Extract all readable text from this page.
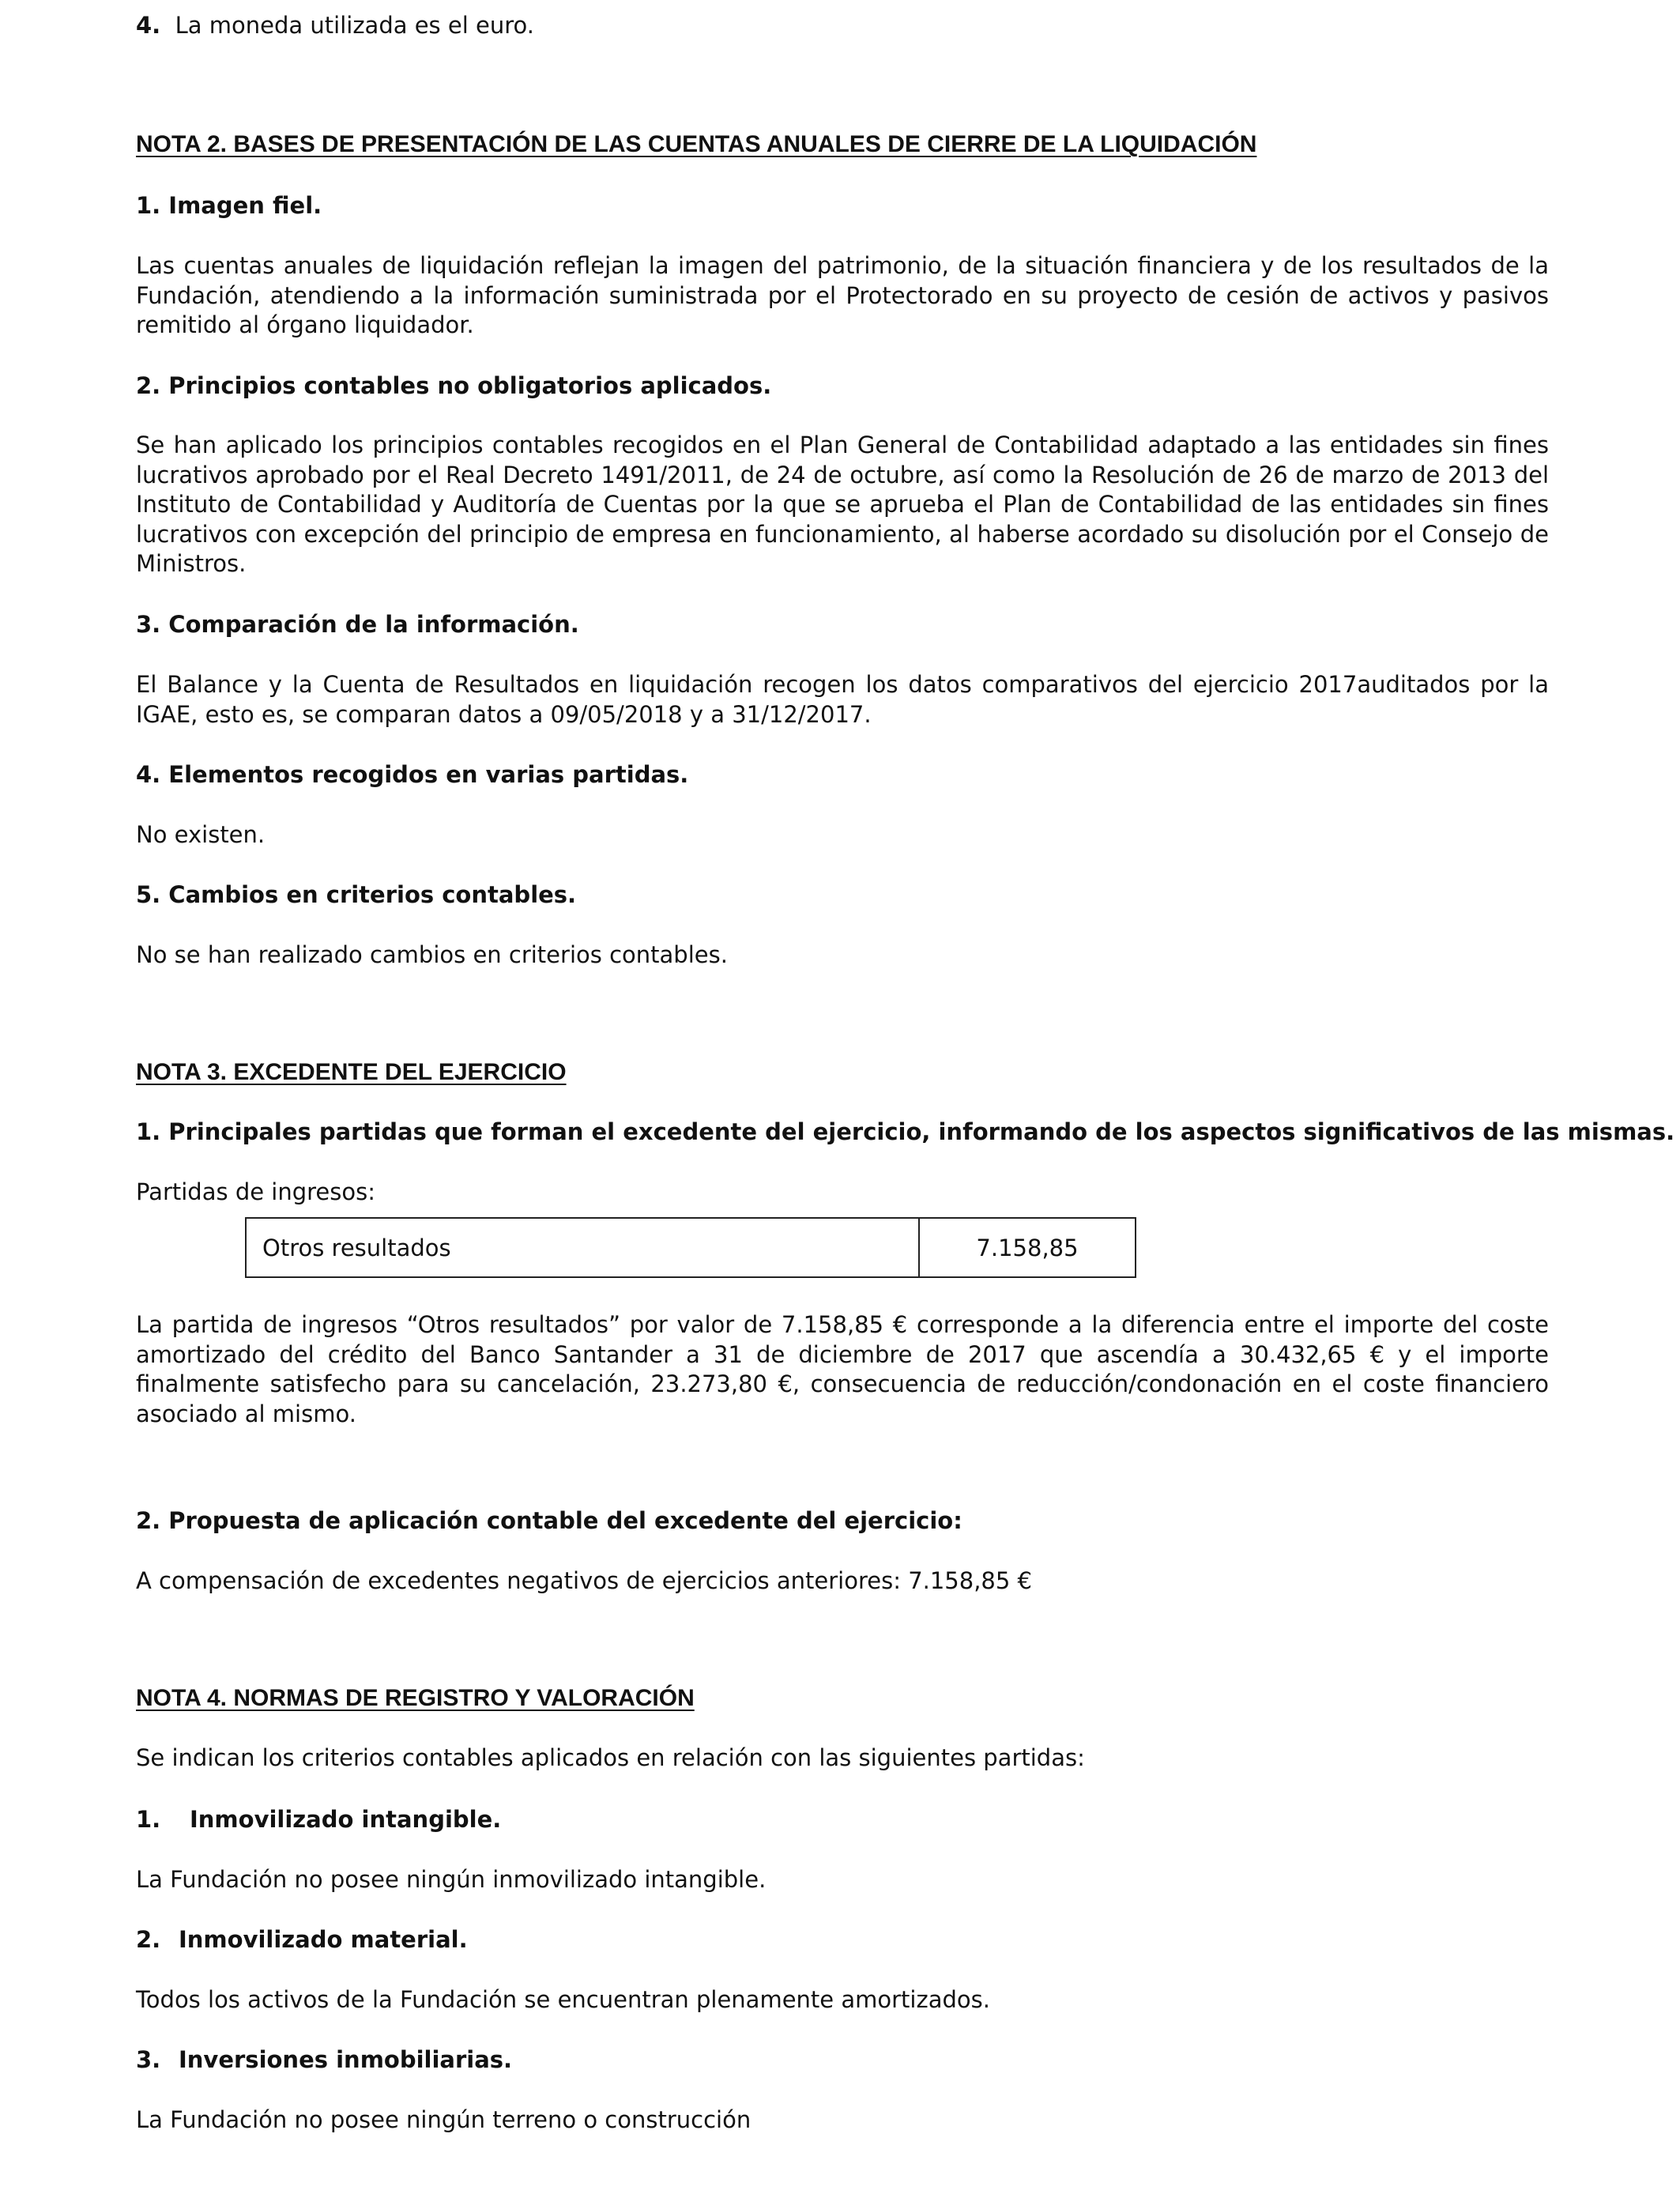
4. La moneda utilizada es el euro.

NOTA 2. BASES DE PRESENTACIÓN DE LAS CUENTAS ANUALES DE CIERRE DE LA LIQUIDACIÓN

1. Imagen fiel.

Las cuentas anuales de liquidación reflejan la imagen del patrimonio, de la situación financiera y de los resultados de la Fundación, atendiendo a la información suministrada por el Protectorado en su proyecto de cesión de activos y pasivos remitido al órgano liquidador.

2. Principios contables no obligatorios aplicados.

Se han aplicado los principios contables recogidos en el Plan General de Contabilidad adaptado a las entidades sin fines lucrativos aprobado por el Real Decreto 1491/2011, de 24 de octubre, así como la Resolución de 26 de marzo de 2013 del Instituto de Contabilidad y Auditoría de Cuentas por la que se aprueba el Plan de Contabilidad de las entidades sin fines lucrativos con excepción del principio de empresa en funcionamiento, al haberse acordado su disolución por el Consejo de Ministros.

3. Comparación de la información.

El Balance y la Cuenta de Resultados en liquidación recogen los datos comparativos del ejercicio 2017auditados por la IGAE, esto es, se comparan datos a 09/05/2018 y a 31/12/2017.

4. Elementos recogidos en varias partidas.

No existen.

5. Cambios en criterios contables.

No se han realizado cambios en criterios contables.

NOTA 3. EXCEDENTE DEL EJERCICIO

1. Principales partidas que forman el excedente del ejercicio, informando de los aspectos significativos de las mismas.

Partidas de ingresos:

Otros resultados	7.158,85

La partida de ingresos “Otros resultados” por valor de 7.158,85 € corresponde a la diferencia entre el importe del coste amortizado del crédito del Banco Santander a 31 de diciembre de 2017 que ascendía a 30.432,65 € y el importe finalmente satisfecho para su cancelación, 23.273,80 €, consecuencia de reducción/condonación en el coste financiero asociado al mismo.

2. Propuesta de aplicación contable del excedente del ejercicio:

A compensación de excedentes negativos de ejercicios anteriores: 7.158,85 €

NOTA 4. NORMAS DE REGISTRO Y VALORACIÓN

Se indican los criterios contables aplicados en relación con las siguientes partidas:

1. Inmovilizado intangible.

La Fundación no posee ningún inmovilizado intangible.

2. Inmovilizado material.

Todos los activos de la Fundación se encuentran plenamente amortizados.

3. Inversiones inmobiliarias.

La Fundación no posee ningún terreno o construcción
